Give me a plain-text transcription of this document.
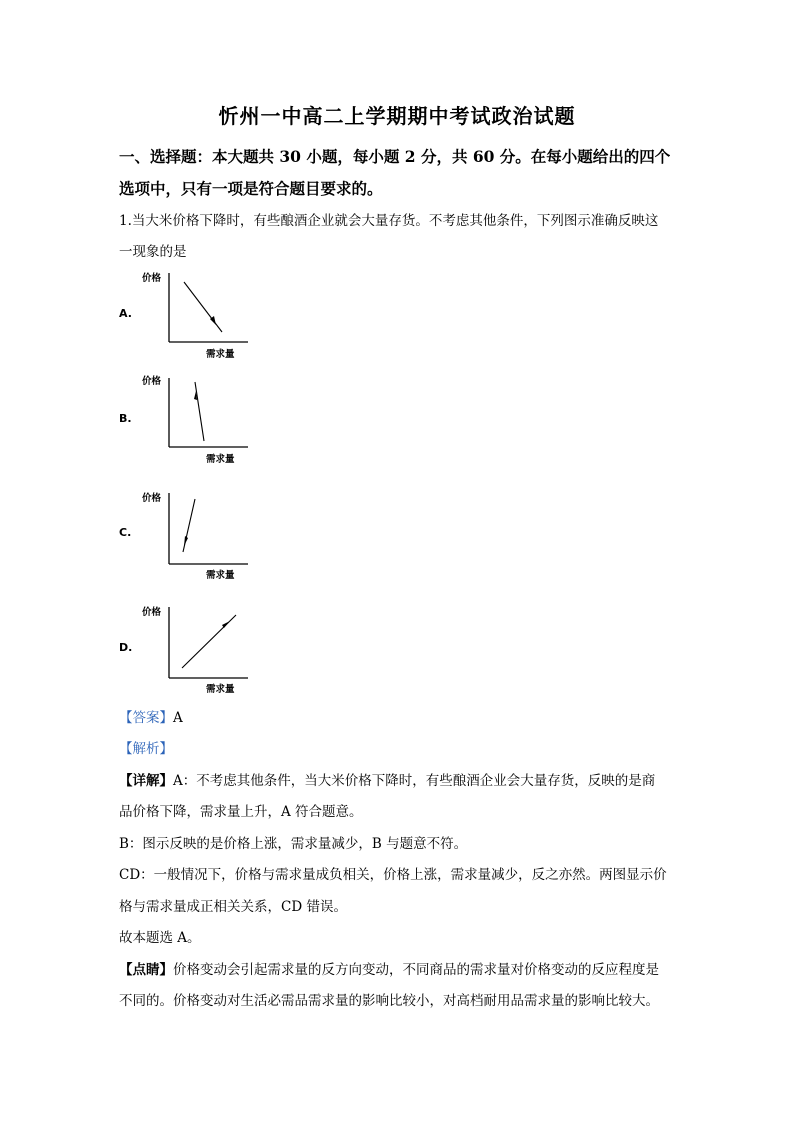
忻州一中高二上学期期中考试政治试题
一、选择题：本大题共 30 小题，每小题 2 分，共 60 分。在每小题给出的四个
选项中，只有一项是符合题目要求的。
1.当大米价格下降时，有些酿酒企业就会大量存货。不考虑其他条件，下列图示准确反映这
一现象的是
A.
价格
需求量
B.
价格
需求量
C.
价格
需求量
D.
价格
需求量
【答案】A
【解析】
【详解】A：不考虑其他条件，当大米价格下降时，有些酿酒企业会大量存货，反映的是商
品价格下降，需求量上升，A 符合题意。
B：图示反映的是价格上涨，需求量减少，B 与题意不符。
CD：一般情况下，价格与需求量成负相关，价格上涨，需求量减少，反之亦然。两图显示价
格与需求量成正相关关系，CD 错误。
故本题选 A。
【点睛】价格变动会引起需求量的反方向变动，不同商品的需求量对价格变动的反应程度是
不同的。价格变动对生活必需品需求量的影响比较小，对高档耐用品需求量的影响比较大。
